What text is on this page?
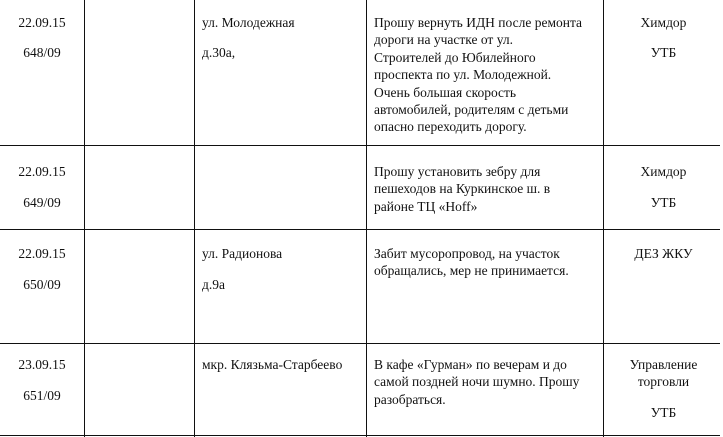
22.09.15
648/09
ул. Молодежная
д.30а,
Прошу вернуть ИДН после ремонта
дороги на участке от ул.
Строителей до Юбилейного
проспекта по ул. Молодежной.
Очень большая скорость
автомобилей, родителям с детьми
опасно переходить дорогу.
Химдор
УТБ
22.09.15
649/09
Прошу установить зебру для
пешеходов на Куркинское ш. в
районе ТЦ «Hoff»
Химдор
УТБ
22.09.15
650/09
ул. Радионова
д.9а
Забит мусоропровод, на участок
обращались, мер не принимается.
ДЕЗ ЖКУ
23.09.15
651/09
мкр. Клязьма-Старбеево В кафе «Гурман» по вечерам и до
самой поздней ночи шумно. Прошу
разобраться.
Управление
торговли
УТБ
